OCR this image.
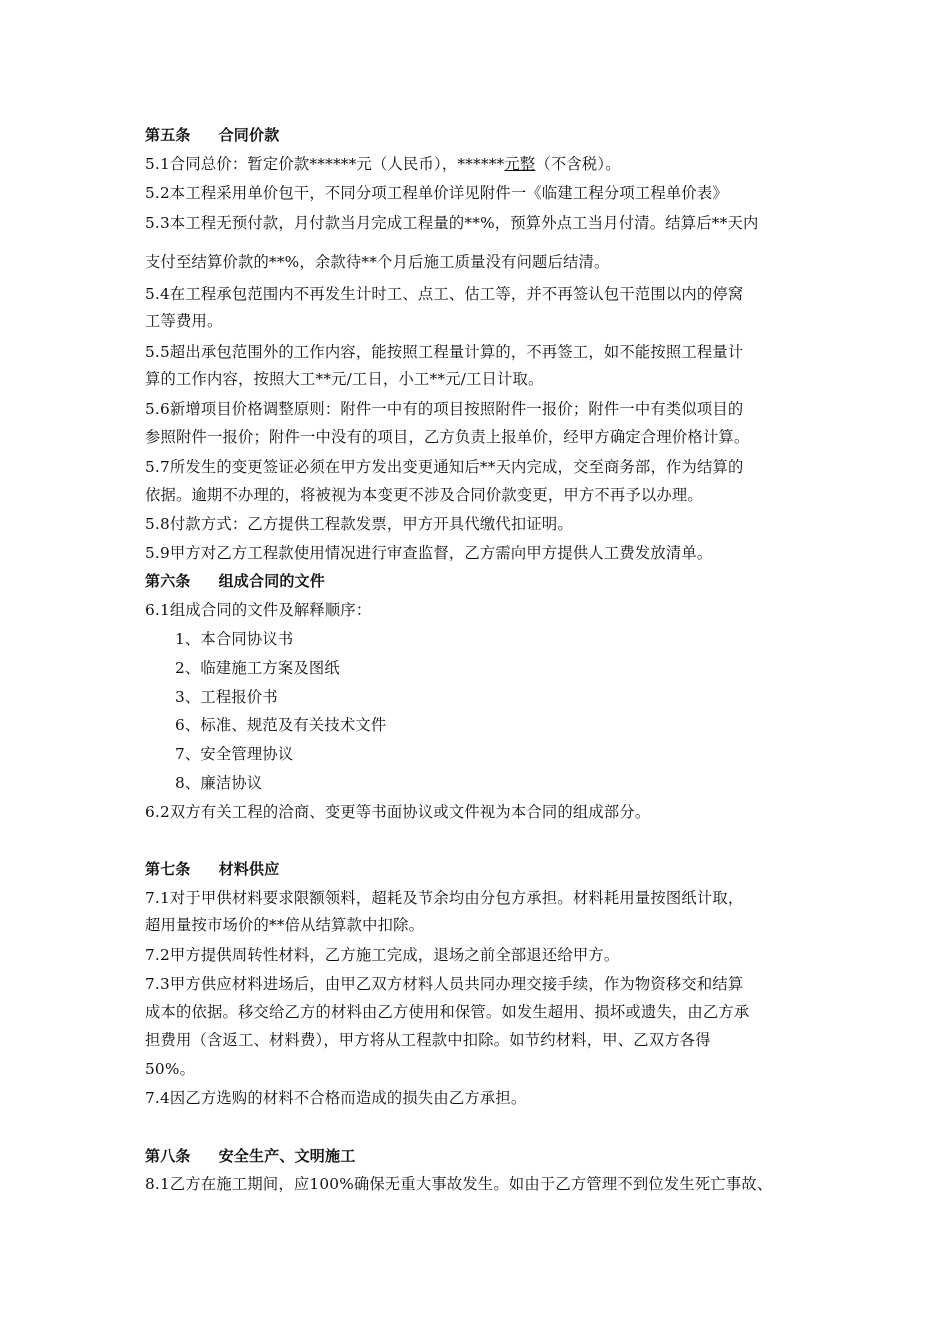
第五条 合同价款
5.1合同总价：暂定价款******元（人民币），******元整（不含税）。
5.2本工程采用单价包干，不同分项工程单价详见附件一《临建工程分项工程单价表》
5.3本工程无预付款，月付款当月完成工程量的**%，预算外点工当月付清。结算后**天内
支付至结算价款的**%，余款待**个月后施工质量没有问题后结清。
5.4在工程承包范围内不再发生计时工、点工、估工等，并不再签认包干范围以内的停窝
工等费用。
5.5超出承包范围外的工作内容，能按照工程量计算的，不再签工，如不能按照工程量计
算的工作内容，按照大工**元/工日，小工**元/工日计取。
5.6新增项目价格调整原则：附件一中有的项目按照附件一报价；附件一中有类似项目的
参照附件一报价；附件一中没有的项目，乙方负责上报单价，经甲方确定合理价格计算。
5.7所发生的变更签证必须在甲方发出变更通知后**天内完成，交至商务部，作为结算的
依据。逾期不办理的，将被视为本变更不涉及合同价款变更，甲方不再予以办理。
5.8付款方式：乙方提供工程款发票，甲方开具代缴代扣证明。
5.9甲方对乙方工程款使用情况进行审查监督，乙方需向甲方提供人工费发放清单。
第六条 组成合同的文件
6.1组成合同的文件及解释顺序：
1、本合同协议书
2、临建施工方案及图纸
3、工程报价书
6、标准、规范及有关技术文件
7、安全管理协议
8、廉洁协议
6.2双方有关工程的洽商、变更等书面协议或文件视为本合同的组成部分。
第七条 材料供应
7.1对于甲供材料要求限额领料，超耗及节余均由分包方承担。材料耗用量按图纸计取，
超用量按市场价的**倍从结算款中扣除。
7.2甲方提供周转性材料，乙方施工完成，退场之前全部退还给甲方。
7.3甲方供应材料进场后，由甲乙双方材料人员共同办理交接手续，作为物资移交和结算
成本的依据。移交给乙方的材料由乙方使用和保管。如发生超用、损坏或遗失，由乙方承
担费用（含返工、材料费），甲方将从工程款中扣除。如节约材料，甲、乙双方各得
50%。
7.4因乙方选购的材料不合格而造成的损失由乙方承担。
第八条 安全生产、文明施工
8.1乙方在施工期间，应100%确保无重大事故发生。如由于乙方管理不到位发生死亡事故、
